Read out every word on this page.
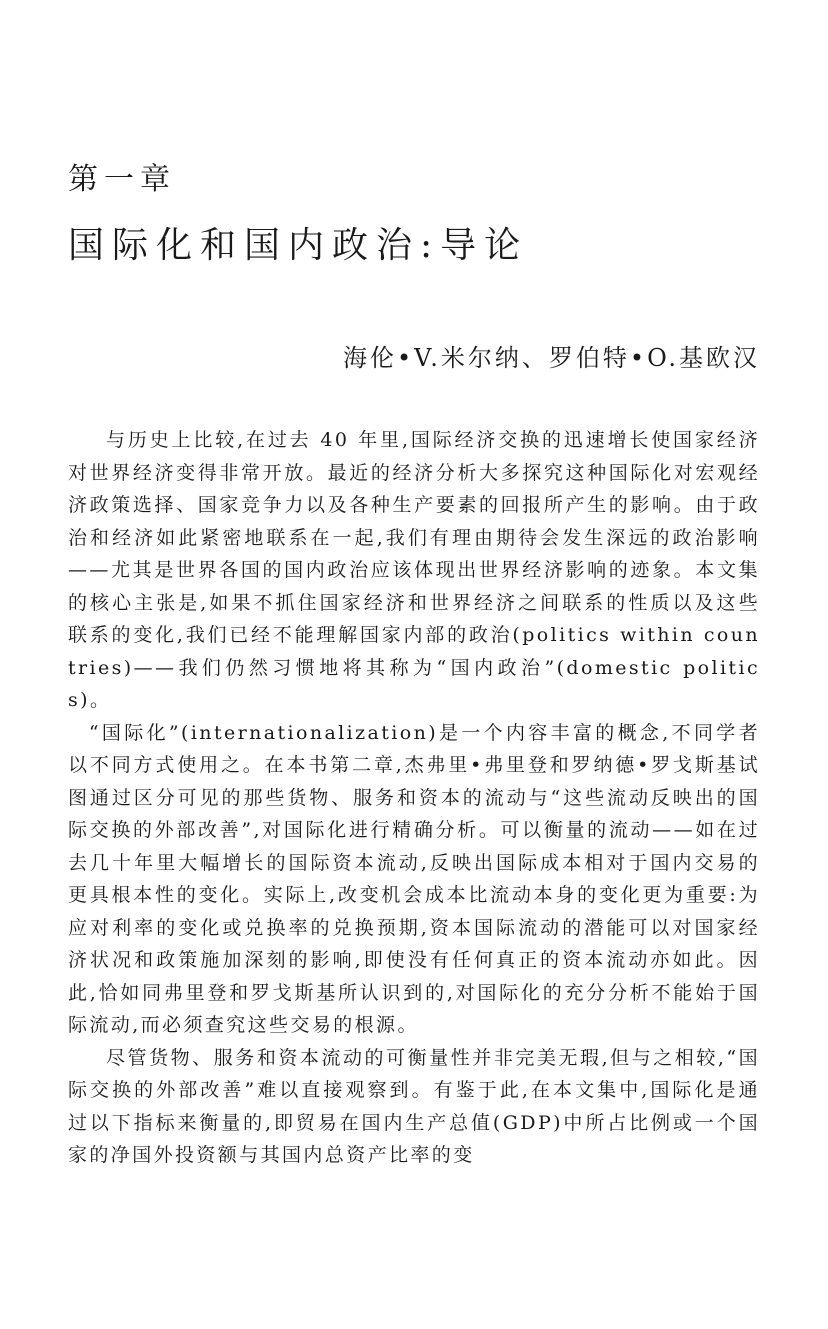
第一章
国际化和国内政治:导论
海伦•V.米尔纳、罗伯特•O.基欧汉

与历史上比较,在过去 40 年里,国际经济交换的迅速增长使国家经济对世界经济变得非常开放。最近的经济分析大多探究这种国际化对宏观经济政策选择、国家竞争力以及各种生产要素的回报所产生的影响。由于政治和经济如此紧密地联系在一起,我们有理由期待会发生深远的政治影响——尤其是世界各国的国内政治应该体现出世界经济影响的迹象。本文集的核心主张是,如果不抓住国家经济和世界经济之间联系的性质以及这些联系的变化,我们已经不能理解国家内部的政治(politics within countries)——我们仍然习惯地将其称为“国内政治”(domestic politics)。

“国际化”(internationalization)是一个内容丰富的概念,不同学者以不同方式使用之。在本书第二章,杰弗里•弗里登和罗纳德•罗戈斯基试图通过区分可见的那些货物、服务和资本的流动与“这些流动反映出的国际交换的外部改善”,对国际化进行精确分析。可以衡量的流动——如在过去几十年里大幅增长的国际资本流动,反映出国际成本相对于国内交易的更具根本性的变化。实际上,改变机会成本比流动本身的变化更为重要:为应对利率的变化或兑换率的兑换预期,资本国际流动的潜能可以对国家经济状况和政策施加深刻的影响,即使没有任何真正的资本流动亦如此。因此,恰如同弗里登和罗戈斯基所认识到的,对国际化的充分分析不能始于国际流动,而必须查究这些交易的根源。

尽管货物、服务和资本流动的可衡量性并非完美无瑕,但与之相较,“国际交换的外部改善”难以直接观察到。有鉴于此,在本文集中,国际化是通过以下指标来衡量的,即贸易在国内生产总值(GDP)中所占比例或一个国家的净国外投资额与其国内总资产比率的变
